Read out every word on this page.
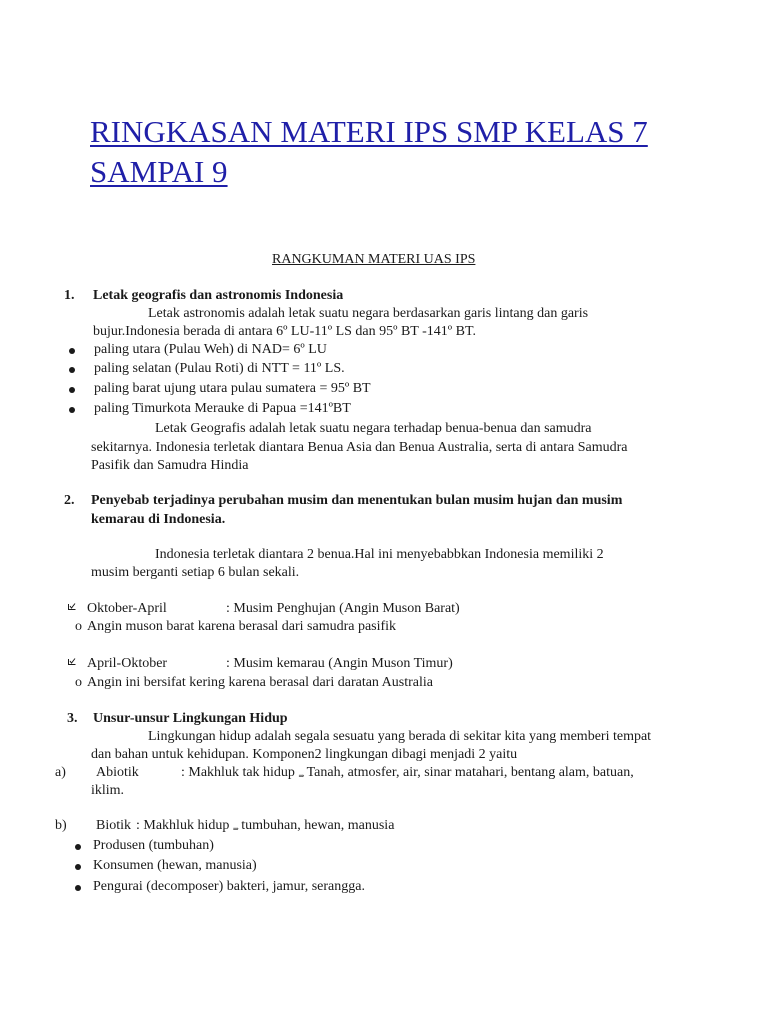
RINGKASAN MATERI IPS SMP KELAS 7 SAMPAI 9
RANGKUMAN MATERI UAS IPS
1. Letak geografis dan astronomis Indonesia
Letak astronomis adalah letak suatu negara berdasarkan garis lintang dan garis
bujur.Indonesia berada di antara 6º LU-11º LS dan 95º BT -141º BT.
paling utara (Pulau Weh) di NAD= 6º LU
paling selatan (Pulau Roti) di NTT = 11º LS.
paling barat ujung utara pulau sumatera = 95º BT
paling Timurkota Merauke di Papua =141ºBT
Letak Geografis adalah letak suatu negara terhadap benua-benua dan samudra
sekitarnya. Indonesia terletak diantara Benua Asia dan Benua Australia, serta di antara Samudra
Pasifik dan Samudra Hindia
2. Penyebab terjadinya perubahan musim dan menentukan bulan musim hujan dan musim
kemarau di Indonesia.
Indonesia terletak diantara 2 benua.Hal ini menyebabbkan Indonesia memiliki 2
musim berganti setiap 6 bulan sekali.
Oktober-April	: Musim Penghujan (Angin Muson Barat)
o Angin muson barat karena berasal dari samudra pasifik
April-Oktober	: Musim kemarau (Angin Muson Timur)
o Angin ini bersifat kering karena berasal dari daratan Australia
3. Unsur-unsur Lingkungan Hidup
Lingkungan hidup adalah segala sesuatu yang berada di sekitar kita yang memberi tempat
dan bahan untuk kehidupan. Komponen2 lingkungan dibagi menjadi 2 yaitu
a) Abiotik	: Makhluk tak hidup ⇒ Tanah, atmosfer, air, sinar matahari, bentang alam, batuan,
iklim.
b) Biotik : Makhluk hidup ⇒ tumbuhan, hewan, manusia
Produsen (tumbuhan)
Konsumen (hewan, manusia)
Pengurai (decomposer) bakteri, jamur, serangga.
